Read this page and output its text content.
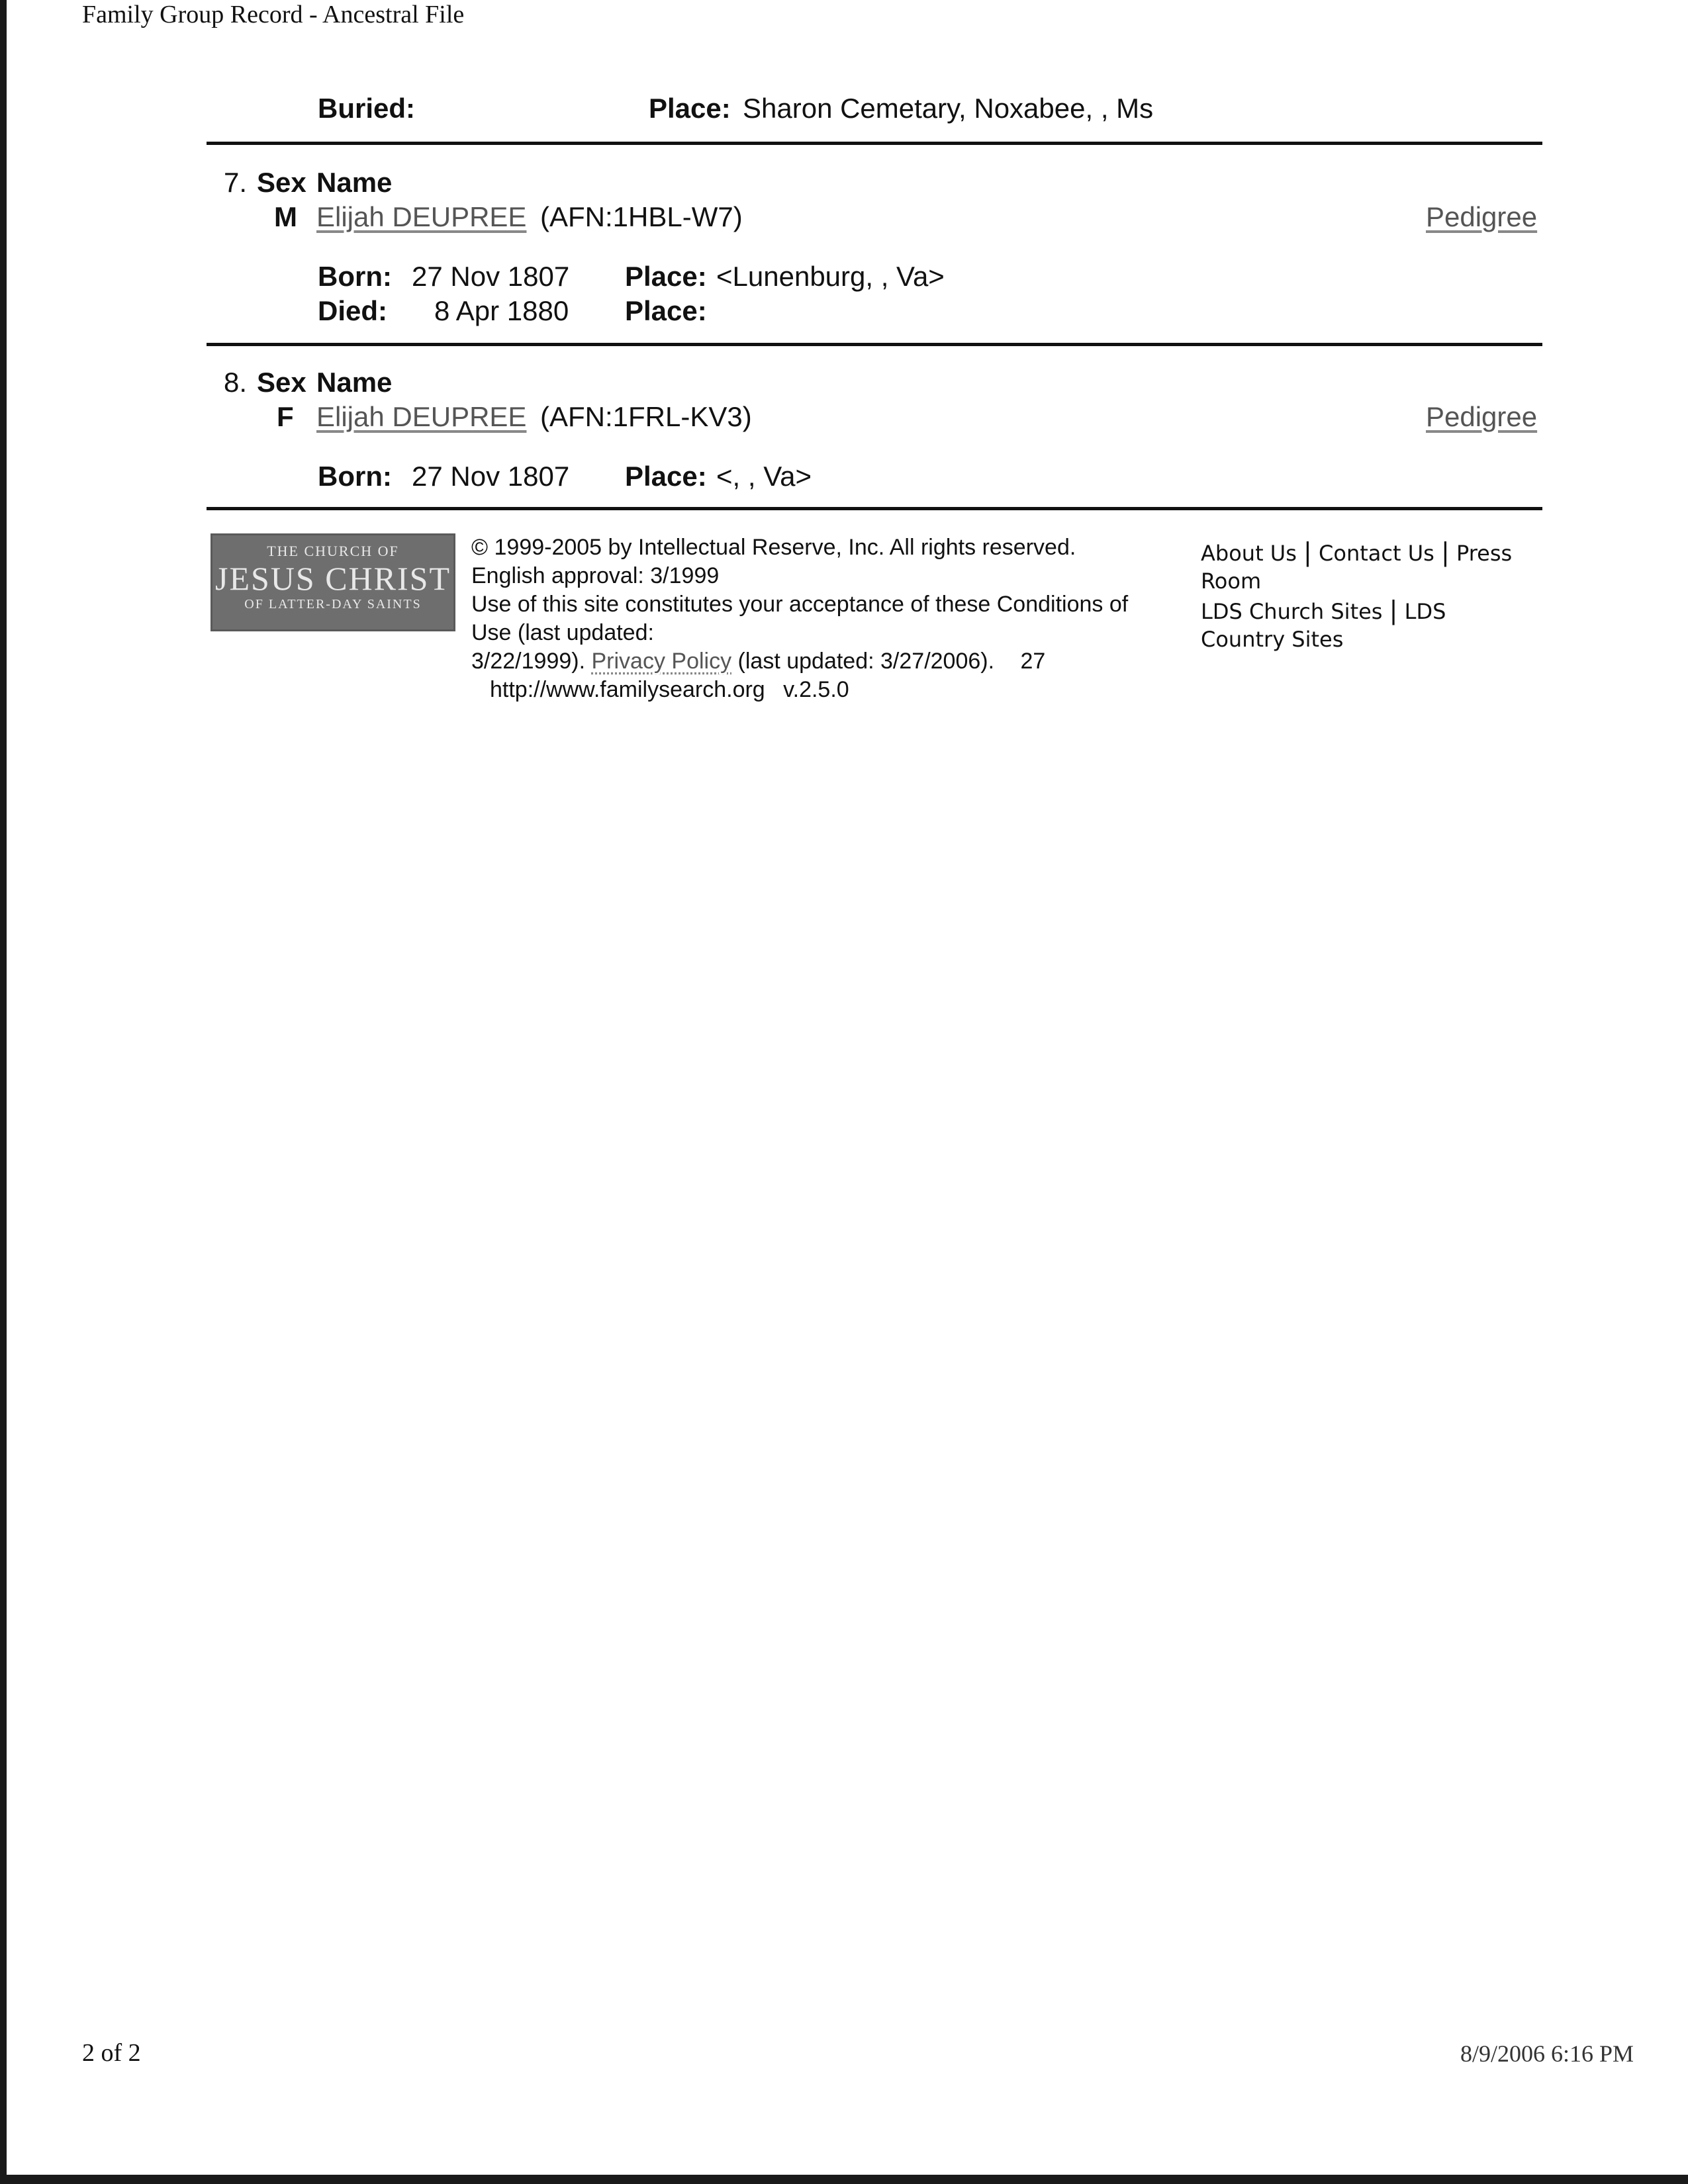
Family Group Record - Ancestral File
Buried:	Place: Sharon Cemetary, Noxabee, , Ms
7. Sex Name
M Elijah DEUPREE (AFN:1HBL-W7)	Pedigree
Born: 27 Nov 1807 Place: <Lunenburg, , Va>
Died: 8 Apr 1880 Place:
8. Sex Name
F Elijah DEUPREE (AFN:1FRL-KV3)	Pedigree
Born: 27 Nov 1807 Place: <, , Va>
THE CHURCH OF
JESUS CHRIST
OF LATTER-DAY SAINTS
© 1999-2005 by Intellectual Reserve, Inc. All rights reserved.
English approval: 3/1999
Use of this site constitutes your acceptance of these Conditions of
Use (last updated:
3/22/1999). Privacy Policy (last updated: 3/27/2006). 27
http://www.familysearch.org v.2.5.0
About Us | Contact Us | Press
Room
LDS Church Sites | LDS
Country Sites
2 of 2	8/9/2006 6:16 PM
